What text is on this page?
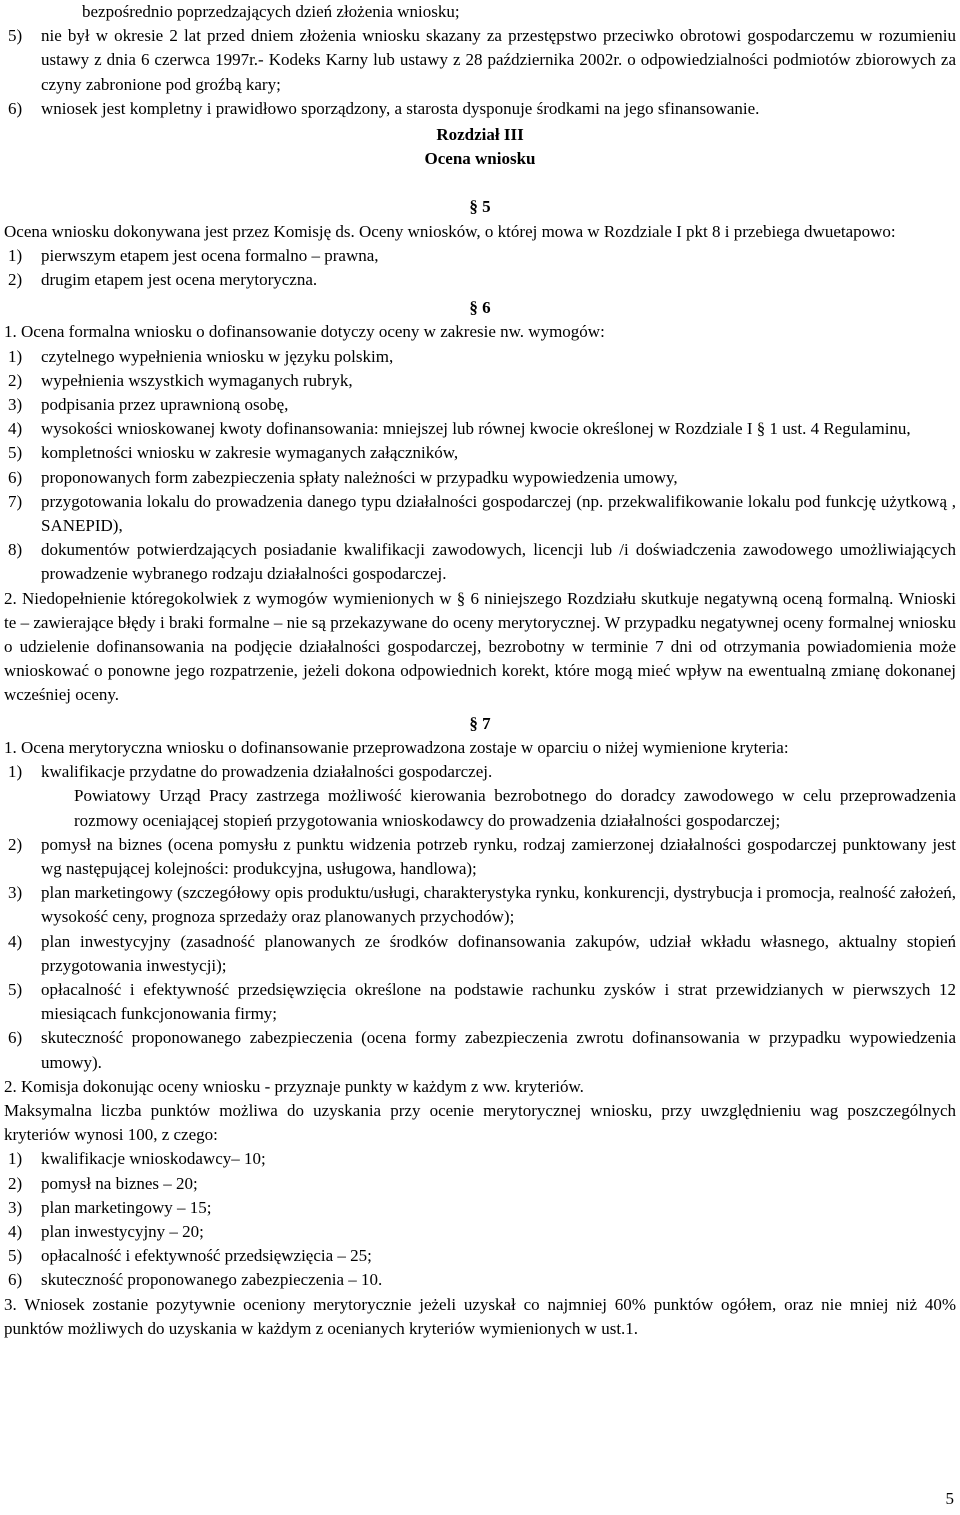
bezpośrednio poprzedzających dzień złożenia wniosku;

5)	nie był w okresie 2 lat przed dniem złożenia wniosku skazany za przestępstwo przeciwko obrotowi gospodarczemu w rozumieniu ustawy z dnia 6 czerwca 1997r.- Kodeks Karny lub ustawy z 28 października 2002r. o odpowiedzialności podmiotów zbiorowych za czyny zabronione pod groźbą kary;
6)	wniosek jest kompletny i prawidłowo sporządzony, a starosta dysponuje środkami na jego sfinansowanie.

Rozdział III

Ocena wniosku

§ 5

Ocena wniosku dokonywana jest przez Komisję ds. Oceny wniosków, o której mowa w Rozdziale I pkt 8 i przebiega dwuetapowo:

1)	pierwszym etapem jest ocena formalno – prawna,
2)	drugim etapem jest ocena merytoryczna.

§ 6

1. Ocena formalna wniosku o dofinansowanie dotyczy oceny w zakresie nw. wymogów:

1)	czytelnego wypełnienia wniosku w języku polskim,
2)	wypełnienia wszystkich wymaganych rubryk,
3)	podpisania przez uprawnioną osobę,
4)	wysokości wnioskowanej kwoty dofinansowania: mniejszej lub równej kwocie określonej w Rozdziale I § 1 ust. 4 Regulaminu,
5)	kompletności wniosku w zakresie wymaganych załączników,
6)	proponowanych form zabezpieczenia spłaty należności w przypadku wypowiedzenia umowy,
7)	przygotowania lokalu do prowadzenia danego typu działalności gospodarczej (np. przekwalifikowanie lokalu pod funkcję użytkową , SANEPID),
8)	dokumentów potwierdzających posiadanie kwalifikacji zawodowych, licencji lub /i doświadczenia zawodowego umożliwiających prowadzenie wybranego rodzaju działalności gospodarczej.

2. Niedopełnienie któregokolwiek z wymogów wymienionych w § 6 niniejszego Rozdziału skutkuje negatywną oceną formalną. Wnioski te – zawierające błędy i braki formalne – nie są przekazywane do oceny merytorycznej. W przypadku negatywnej oceny formalnej wniosku o udzielenie dofinansowania na podjęcie działalności gospodarczej, bezrobotny w terminie 7 dni od otrzymania powiadomienia może wnioskować o ponowne jego rozpatrzenie, jeżeli dokona odpowiednich korekt, które mogą mieć wpływ na ewentualną zmianę dokonanej wcześniej oceny.

§ 7

1. Ocena merytoryczna wniosku o dofinansowanie przeprowadzona zostaje w oparciu o niżej wymienione kryteria:

1)	kwalifikacje przydatne do prowadzenia działalności gospodarczej.

Powiatowy Urząd Pracy zastrzega możliwość kierowania bezrobotnego do doradcy zawodowego w celu przeprowadzenia rozmowy oceniającej stopień przygotowania wnioskodawcy do prowadzenia działalności gospodarczej;

2)	pomysł na biznes (ocena pomysłu z punktu widzenia potrzeb rynku, rodzaj zamierzonej działalności gospodarczej punktowany jest wg następującej kolejności: produkcyjna, usługowa, handlowa);
3)	plan marketingowy (szczegółowy opis produktu/usługi, charakterystyka rynku, konkurencji, dystrybucja i promocja, realność założeń, wysokość ceny, prognoza sprzedaży oraz planowanych przychodów);
4)	plan inwestycyjny (zasadność planowanych ze środków dofinansowania zakupów, udział wkładu własnego, aktualny stopień przygotowania inwestycji);
5)	opłacalność i efektywność przedsięwzięcia określone na podstawie rachunku zysków i strat przewidzianych w pierwszych 12 miesiącach funkcjonowania firmy;
6)	skuteczność proponowanego zabezpieczenia (ocena formy zabezpieczenia zwrotu dofinansowania w przypadku wypowiedzenia umowy).

2. Komisja dokonując oceny wniosku - przyznaje punkty w każdym z ww. kryteriów.

Maksymalna liczba punktów możliwa do uzyskania przy ocenie merytorycznej wniosku, przy uwzględnieniu wag poszczególnych kryteriów wynosi 100, z czego:

1)	kwalifikacje wnioskodawcy– 10;
2)	pomysł na biznes – 20;
3)	plan marketingowy – 15;
4)	plan inwestycyjny – 20;
5)	opłacalność i efektywność przedsięwzięcia – 25;
6)	skuteczność proponowanego zabezpieczenia – 10.

3. Wniosek zostanie pozytywnie oceniony merytorycznie jeżeli uzyskał co najmniej 60% punktów ogółem, oraz nie mniej niż 40% punktów możliwych do uzyskania w każdym z ocenianych kryteriów wymienionych w ust.1.

5
